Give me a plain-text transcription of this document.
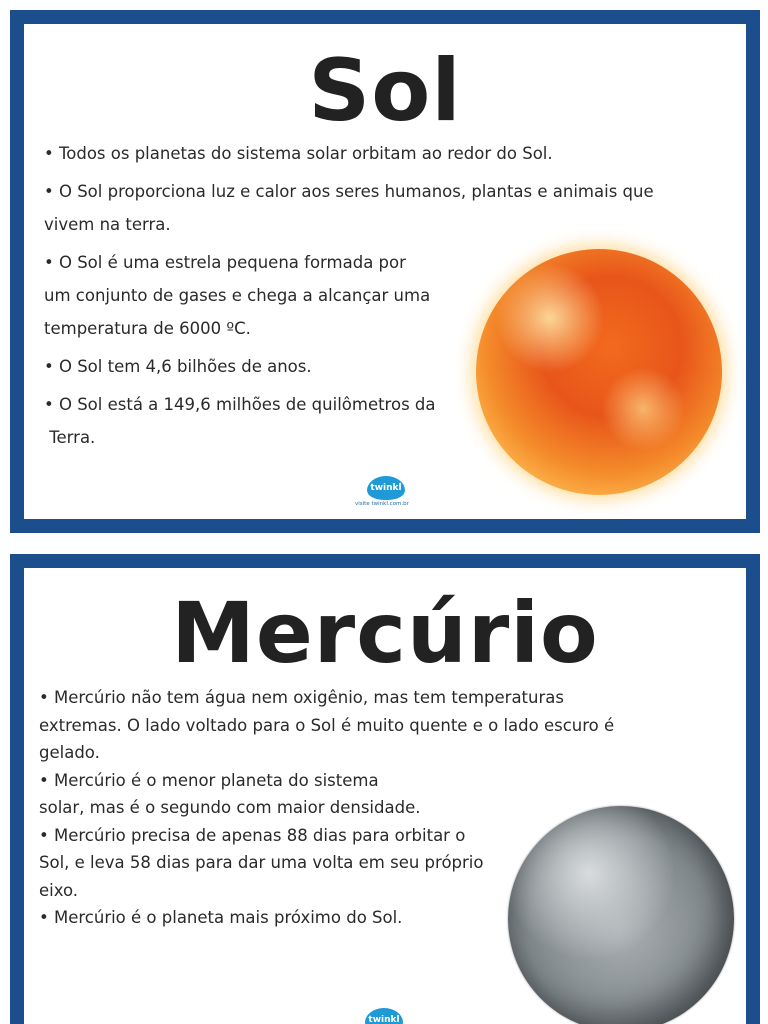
Sol

• Todos os planetas do sistema solar orbitam ao redor do Sol.

• O Sol proporciona luz e calor aos seres humanos, plantas e animais que

vivem na terra.

• O Sol é uma estrela pequena formada por

um conjunto de gases e chega a alcançar uma

temperatura de 6000 ºC.

• O Sol tem 4,6 bilhões de anos.

• O Sol está a 149,6 milhões de quilômetros da

Terra.

twinkl
visite twinkl.com.br
Mercúrio

• Mercúrio não tem água nem oxigênio, mas tem temperaturas

extremas. O lado voltado para o Sol é muito quente e o lado escuro é

gelado.

• Mercúrio é o menor planeta do sistema

solar, mas é o segundo com maior densidade.

• Mercúrio precisa de apenas 88 dias para orbitar o

Sol, e leva 58 dias para dar uma volta em seu próprio

eixo.

• Mercúrio é o planeta mais próximo do Sol.

twinkl
